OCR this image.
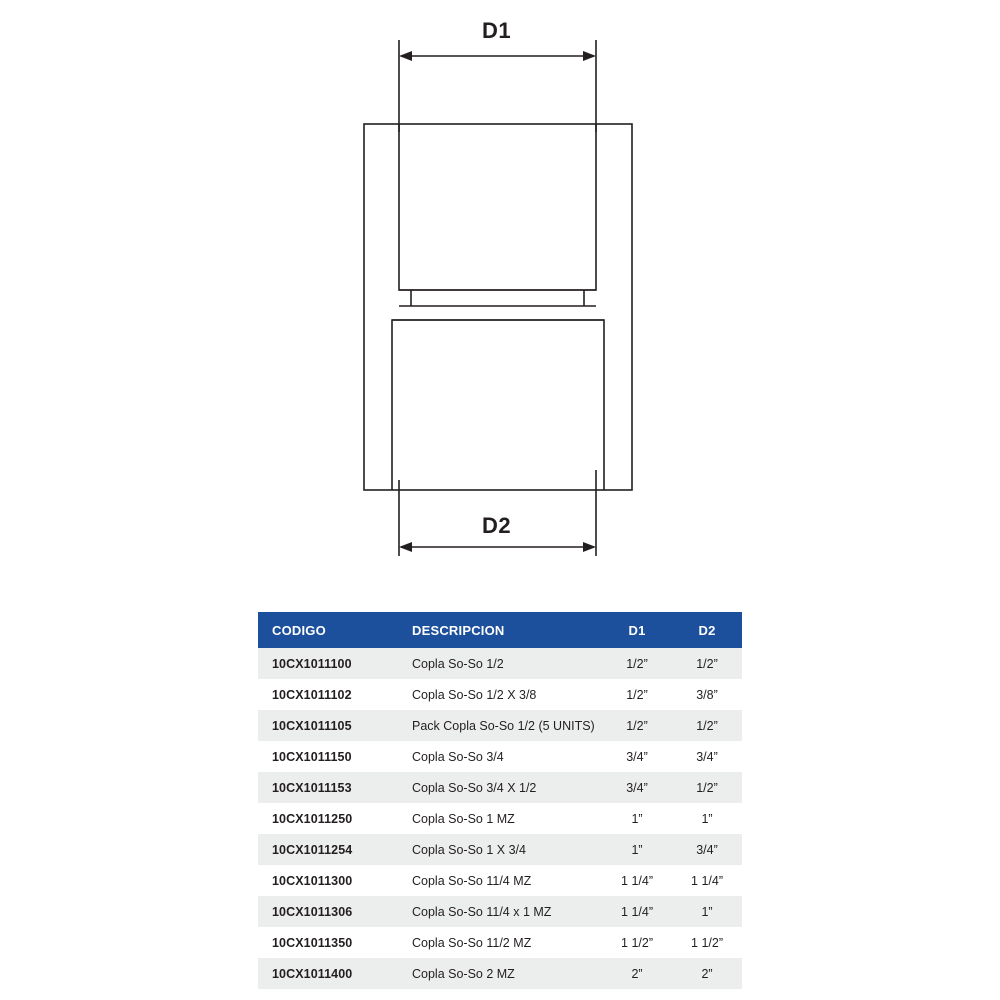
D1
D2
CODIGO	DESCRIPCION	D1	D2
10CX1011100	Copla So-So 1/2	1/2”	1/2”
10CX1011102	Copla So-So 1/2 X 3/8	1/2”	3/8”
10CX1011105	Pack Copla So-So 1/2 (5 UNITS)	1/2”	1/2”
10CX1011150	Copla So-So 3/4	3/4”	3/4”
10CX1011153	Copla So-So 3/4 X 1/2	3/4”	1/2”
10CX1011250	Copla So-So 1 MZ	1”	1”
10CX1011254	Copla So-So 1 X 3/4	1”	3/4”
10CX1011300	Copla So-So 11/4 MZ	1 1/4”	1 1/4”
10CX1011306	Copla So-So 11/4 x 1 MZ	1 1/4”	1”
10CX1011350	Copla So-So 11/2 MZ	1 1/2”	1 1/2”
10CX1011400	Copla So-So 2 MZ	2”	2”
